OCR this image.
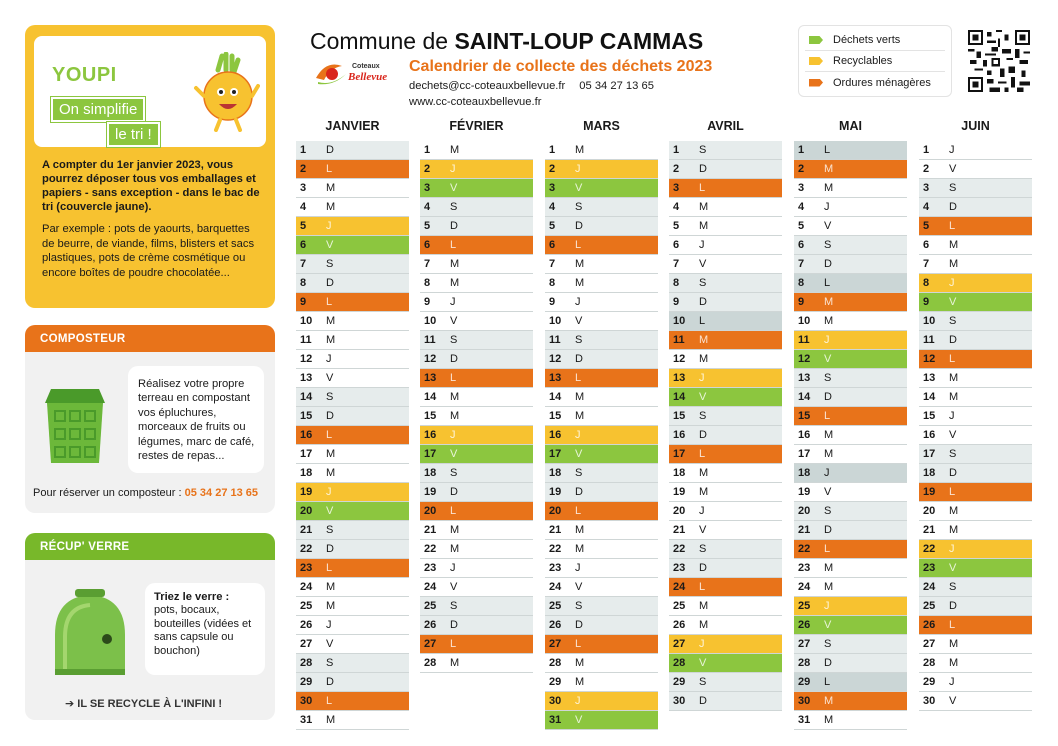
YOUPI
On simplifie
le tri !
A compter du 1er janvier 2023, vous pourrez déposer tous vos emballages et papiers - sans exception - dans le bac de tri (couvercle jaune).
Par exemple : pots de yaourts, barquettes de beurre, de viande, films, blisters et sacs plastiques, pots de crème cosmétique ou encore boîtes de poudre chocolatée...
COMPOSTEUR
Réalisez votre propre terreau en compostant vos épluchures, morceaux de fruits ou légumes, marc de café, restes de repas...
Pour réserver un composteur : 05 34 27 13 65
RÉCUP' VERRE
Triez le verre :
pots, bocaux, bouteilles (vidées et sans capsule ou bouchon)
➔ IL SE RECYCLE À L'INFINI !
Commune de SAINT-LOUP CAMMAS
Coteaux
Bellevue
Calendrier de collecte des déchets 2023
dechets@cc-coteauxbellevue.fr 05 34 27 13 65
www.cc-coteauxbellevue.fr
Déchets verts
Recyclables
Ordures ménagères
JANVIER
1	D
2	L
3	M
4	M
5	J
6	V
7	S
8	D
9	L
10	M
11	M
12	J
13	V
14	S
15	D
16	L
17	M
18	M
19	J
20	V
21	S
22	D
23	L
24	M
25	M
26	J
27	V
28	S
29	D
30	L
31	M
FÉVRIER
1	M
2	J
3	V
4	S
5	D
6	L
7	M
8	M
9	J
10	V
11	S
12	D
13	L
14	M
15	M
16	J
17	V
18	S
19	D
20	L
21	M
22	M
23	J
24	V
25	S
26	D
27	L
28	M
MARS
1	M
2	J
3	V
4	S
5	D
6	L
7	M
8	M
9	J
10	V
11	S
12	D
13	L
14	M
15	M
16	J
17	V
18	S
19	D
20	L
21	M
22	M
23	J
24	V
25	S
26	D
27	L
28	M
29	M
30	J
31	V
AVRIL
1	S
2	D
3	L
4	M
5	M
6	J
7	V
8	S
9	D
10	L
11	M
12	M
13	J
14	V
15	S
16	D
17	L
18	M
19	M
20	J
21	V
22	S
23	D
24	L
25	M
26	M
27	J
28	V
29	S
30	D
MAI
1	L
2	M
3	M
4	J
5	V
6	S
7	D
8	L
9	M
10	M
11	J
12	V
13	S
14	D
15	L
16	M
17	M
18	J
19	V
20	S
21	D
22	L
23	M
24	M
25	J
26	V
27	S
28	D
29	L
30	M
31	M
JUIN
1	J
2	V
3	S
4	D
5	L
6	M
7	M
8	J
9	V
10	S
11	D
12	L
13	M
14	M
15	J
16	V
17	S
18	D
19	L
20	M
21	M
22	J
23	V
24	S
25	D
26	L
27	M
28	M
29	J
30	V
